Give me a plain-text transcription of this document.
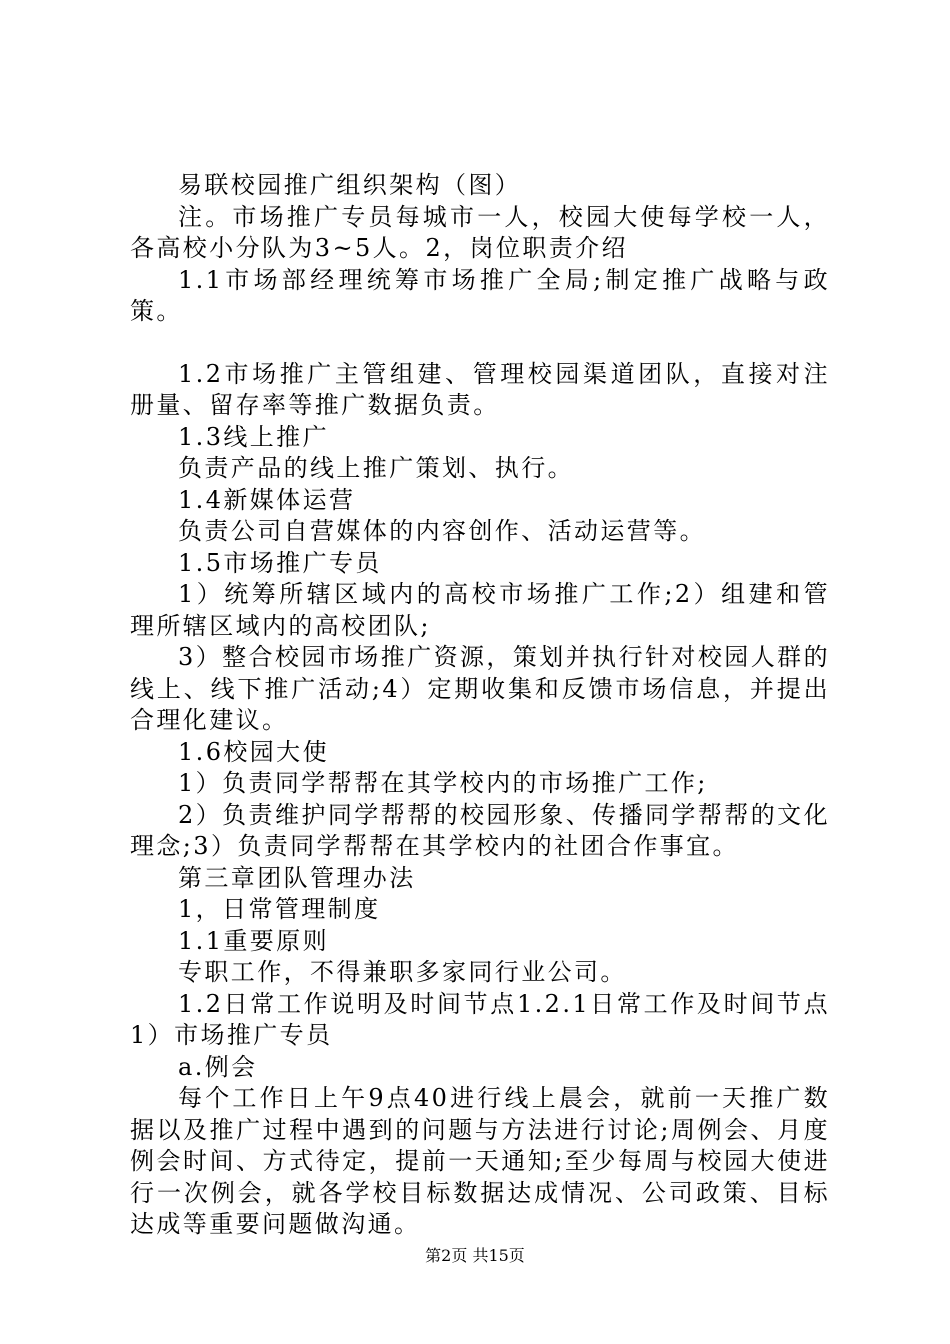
易联校园推广组织架构（图）

注。市场推广专员每城市一人，校园大使每学校一人，各高校小分队为3~5人。2，岗位职责介绍

1.1市场部经理统筹市场推广全局;制定推广战略与政策。

1.2市场推广主管组建、管理校园渠道团队，直接对注册量、留存率等推广数据负责。

1.3线上推广

负责产品的线上推广策划、执行。

1.4新媒体运营

负责公司自营媒体的内容创作、活动运营等。

1.5市场推广专员

1）统筹所辖区域内的高校市场推广工作;2）组建和管理所辖区域内的高校团队;

3）整合校园市场推广资源，策划并执行针对校园人群的线上、线下推广活动;4）定期收集和反馈市场信息，并提出合理化建议。

1.6校园大使

1）负责同学帮帮在其学校内的市场推广工作;

2）负责维护同学帮帮的校园形象、传播同学帮帮的文化理念;3）负责同学帮帮在其学校内的社团合作事宜。

第三章团队管理办法

1，日常管理制度

1.1重要原则

专职工作，不得兼职多家同行业公司。

1.2日常工作说明及时间节点1.2.1日常工作及时间节点1）市场推广专员

a.例会

每个工作日上午9点40进行线上晨会，就前一天推广数据以及推广过程中遇到的问题与方法进行讨论;周例会、月度例会时间、方式待定，提前一天通知;至少每周与校园大使进行一次例会，就各学校目标数据达成情况、公司政策、目标达成等重要问题做沟通。

第2页 共15页
